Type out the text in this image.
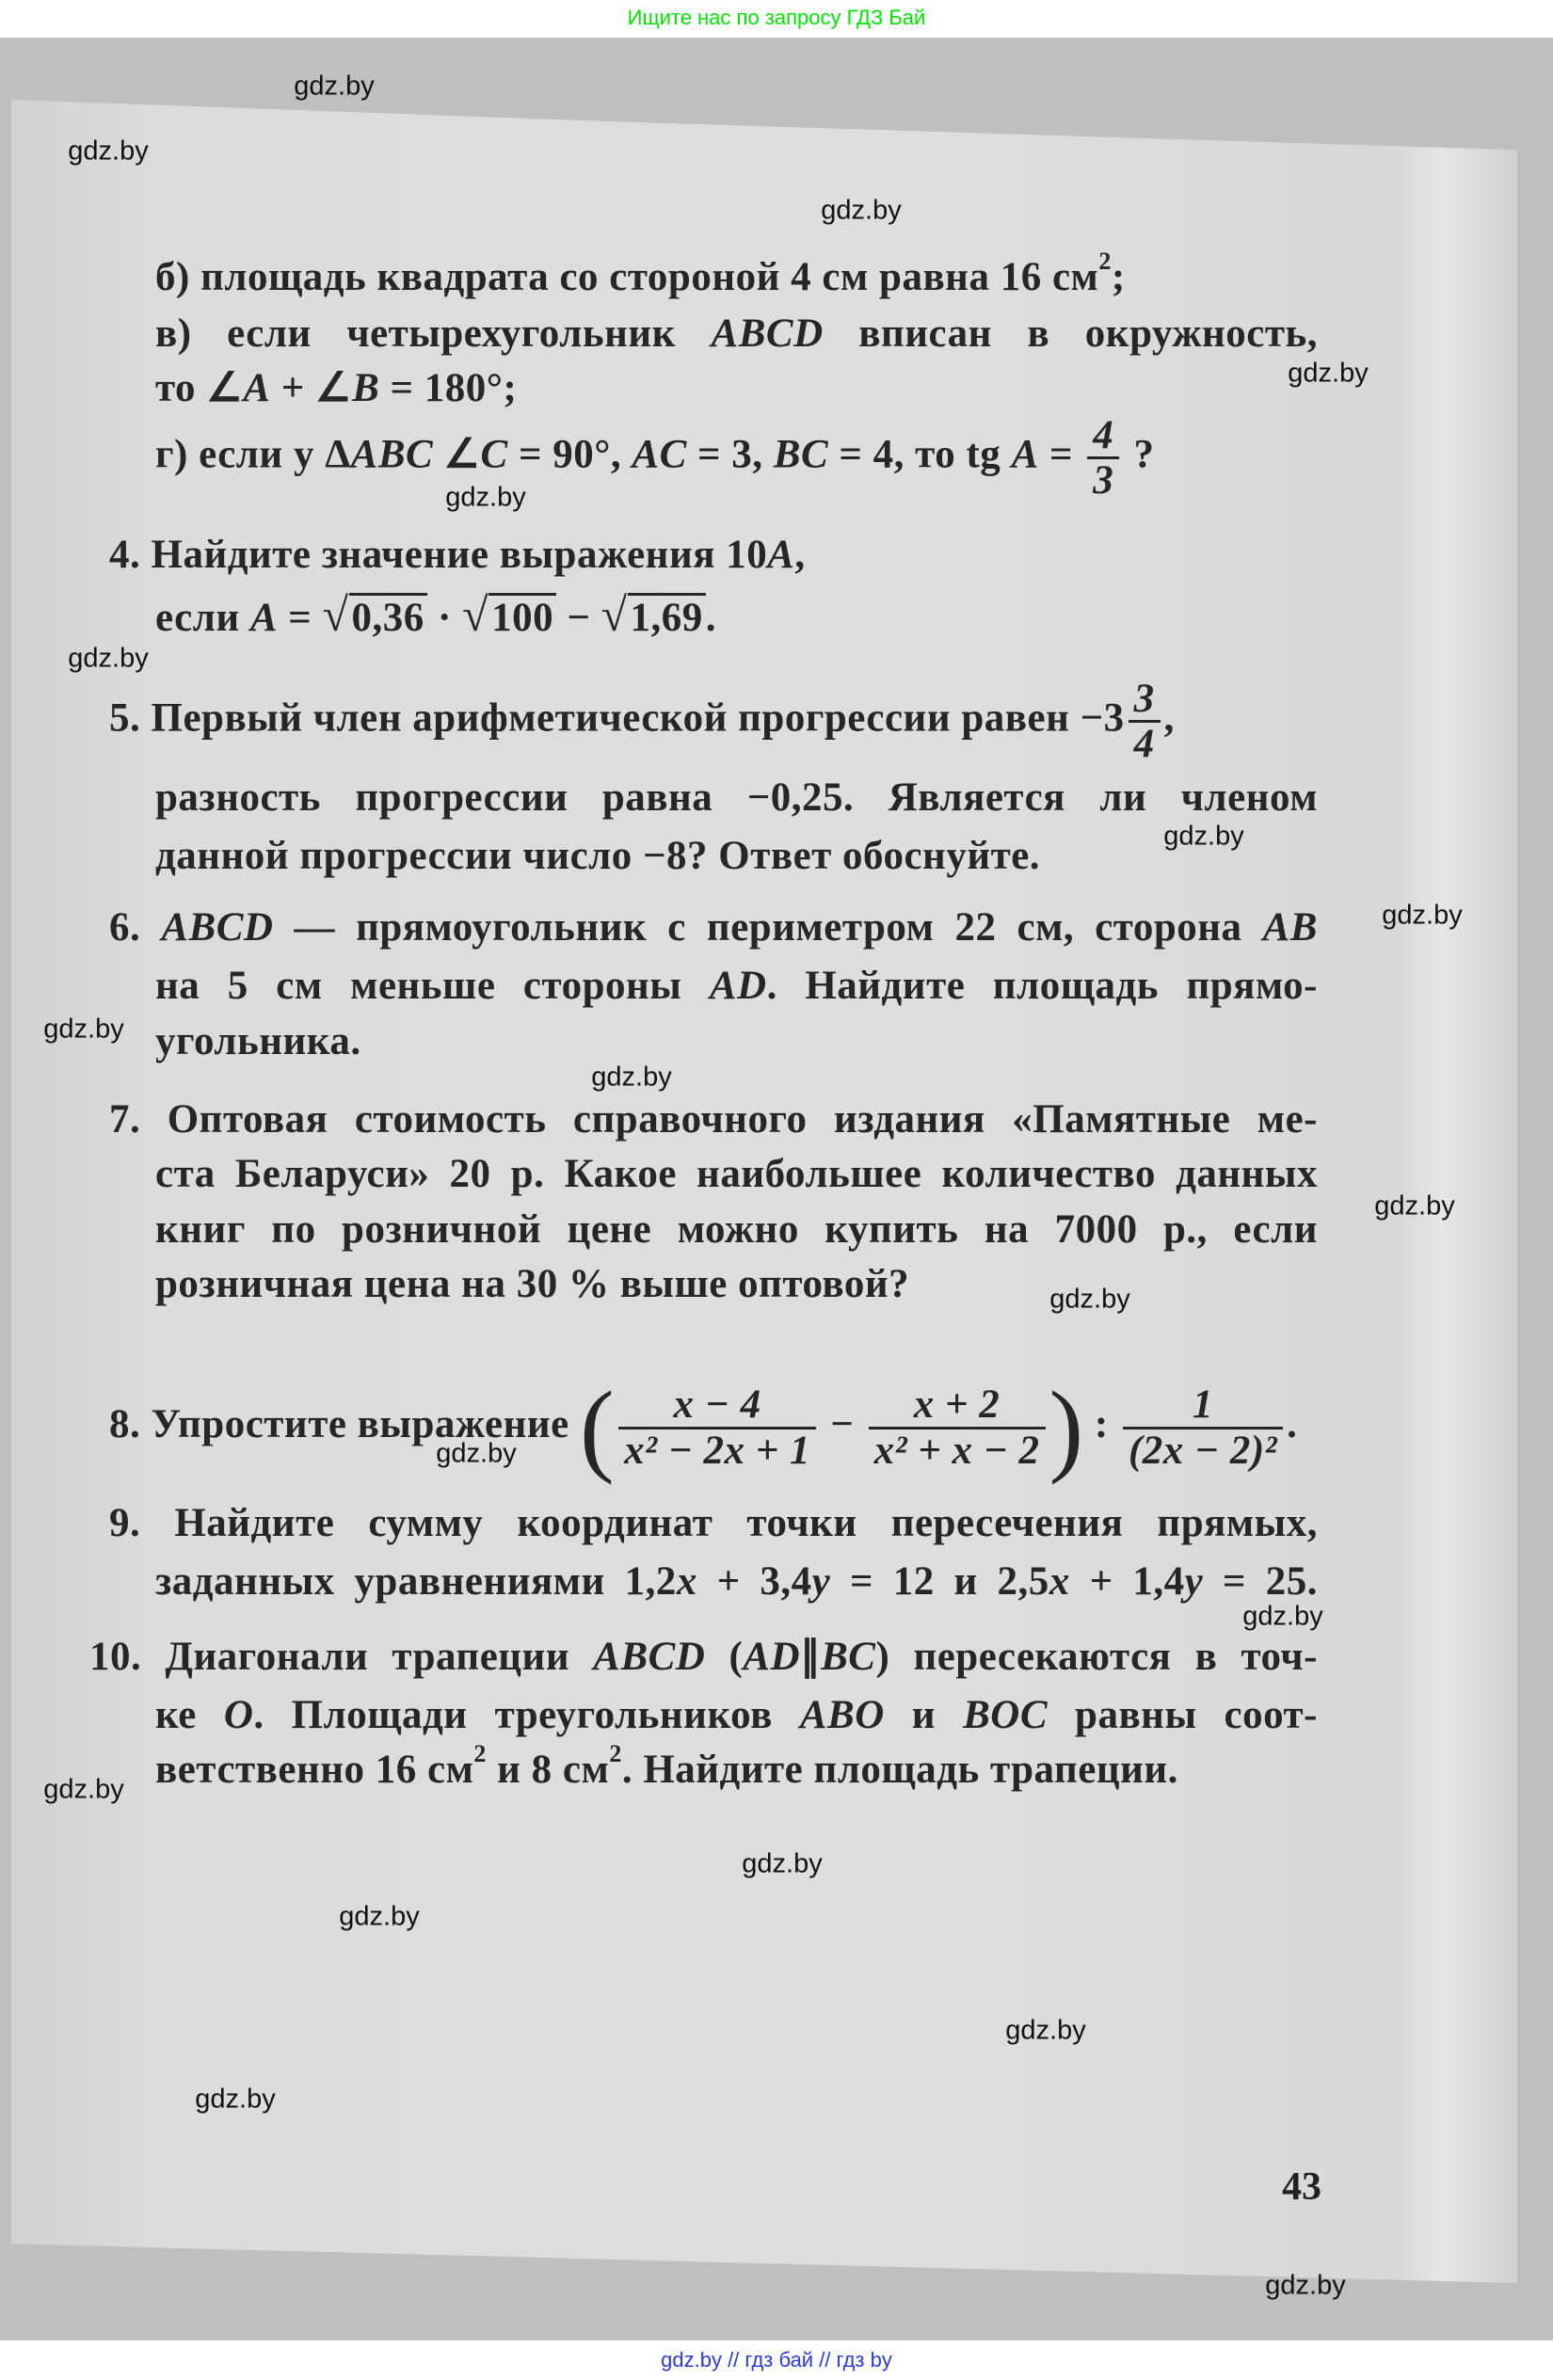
Ищите нас по запросу ГДЗ Бай
б) площадь квадрата со стороной 4 см равна 16 $см^2$;
в) если четырехугольник ABCD вписан в окружность,
то ∠A + ∠B = 180°;
г) если у ΔABC ∠C = 90°, AC = 3, BC = 4, то tg $A = \frac{4}{3}$ ?
4. Найдите значение выражения 10A,
если A = √0,36 · √100 − √1,69.
5. Первый член арифметической прогрессии равен $-3 \frac{3}{4}$ ,
разность прогрессии равна −0,25. Является ли членом
данной прогрессии число −8? Ответ обоснуйте.
6. ABCD — прямоугольник с периметром 22 см, сторона AB
на 5 см меньше стороны AD. Найдите площадь прямо-
угольника.
7. Оптовая стоимость справочного издания «Памятные ме-
ста Беларуси» 20 р. Какое наибольшее количество данных
книг по розничной цене можно купить на 7000 р., если
розничная цена на 30 % выше оптовой?
8. Упростите выражение ( $\frac{x - 4}{\text{x² − 2x + 1}} - \frac{x + 2}{\text{x² + x − 2}}$ ) : $\frac{1}{\text{(2x − 2)²}}$ .
9. Найдите сумму координат точки пересечения прямых,
заданных уравнениями 1,2x + 3,4y = 12 и 2,5x + 1,4y = 25.
10. Диагонали трапеции ABCD (AD∥BC) пересекаются в точ-
ке O. Площади треугольников ABO и BOC равны соот-
ветственно 16 $см^2$ и 8 $см^2$. Найдите площадь трапеции.
gdz.by
gdz.by
gdz.by
gdz.by
gdz.by
gdz.by
gdz.by
gdz.by
gdz.by
gdz.by
gdz.by
gdz.by
gdz.by
gdz.by
gdz.by
gdz.by
gdz.by
gdz.by
gdz.by
gdz.by
43
gdz.by // гдз бай // гдз by
